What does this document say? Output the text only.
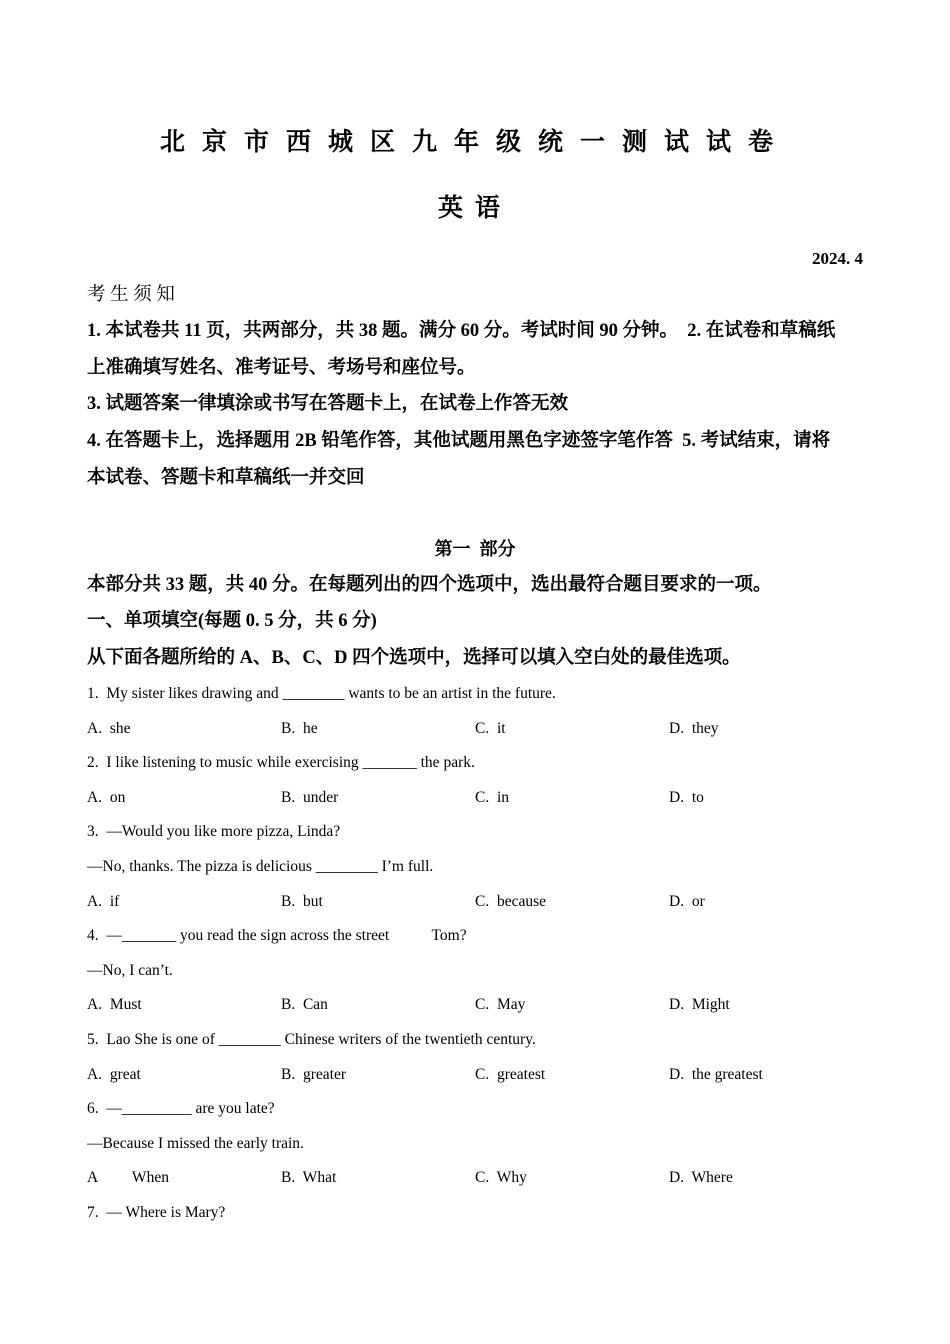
北京市西城区九年级统一测试试卷
英语
2024. 4
考 生 须 知
1. 本试卷共 11 页，共两部分，共 38 题。满分 60 分。考试时间 90 分钟。  2. 在试卷和草稿纸
上准确填写姓名、准考证号、考场号和座位号。
3. 试题答案一律填涂或书写在答题卡上，在试卷上作答无效
4. 在答题卡上，选择题用 2B 铅笔作答，其他试题用黑色字迹签字笔作答  5. 考试结束，请将
本试卷、答题卡和草稿纸一并交回
第一  部分
本部分共 33 题，共 40 分。在每题列出的四个选项中，选出最符合题目要求的一项。
一、单项填空(每题 0. 5 分，共 6 分)
从下面各题所给的 A、B、C、D 四个选项中，选择可以填入空白处的最佳选项。
1.  My sister likes drawing and ________ wants to be an artist in the future.
A.  she	B.  he	C.  it	D.  they
2.  I like listening to music while exercising _______ the park.
A.  on	B.  under	C.  in	D.  to
3.  —Would you like more pizza, Linda?
—No, thanks. The pizza is delicious ________ I’m full.
A.  if	B.  but	C.  because	D.  or
4.  —_______ you read the sign across the street           Tom?
—No, I can’t.
A.  Must	B.  Can	C.  May	D.  Might
5.  Lao She is one of ________ Chinese writers of the twentieth century.
A.  great	B.  greater	C.  greatest	D.  the greatest
6.  —_________ are you late?
—Because I missed the early train.
A         When	B.  What	C.  Why	D.  Where
7.  — Where is Mary?
